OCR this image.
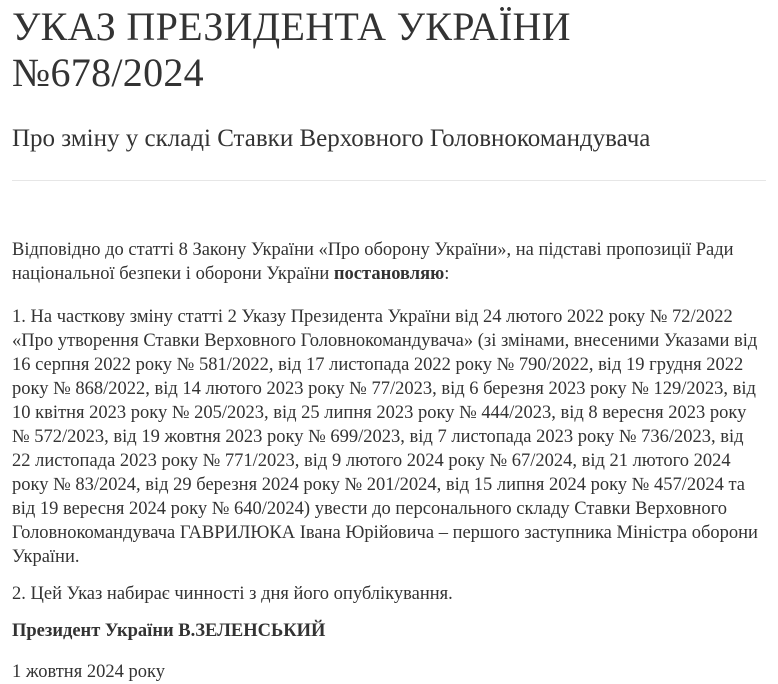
УКАЗ ПРЕЗИДЕНТА УКРАЇНИ №678/2024
Про зміну у складі Ставки Верховного Головнокомандувача

Відповідно до статті 8 Закону України «Про оборону України», на підставі пропозиції Ради національної безпеки і оборони України постановляю:

1. На часткову зміну статті 2 Указу Президента України від 24 лютого 2022 року № 72/2022 «Про утворення Ставки Верховного Головнокомандувача» (зі змінами, внесеними Указами від 16 серпня 2022 року № 581/2022, від 17 листопада 2022 року № 790/2022, від 19 грудня 2022 року № 868/2022, від 14 лютого 2023 року № 77/2023, від 6 березня 2023 року № 129/2023, від 10 квітня 2023 року № 205/2023, від 25 липня 2023 року № 444/2023, від 8 вересня 2023 року № 572/2023, від 19 жовтня 2023 року № 699/2023, від 7 листопада 2023 року № 736/2023, від 22 листопада 2023 року № 771/2023, від 9 лютого 2024 року № 67/2024, від 21 лютого 2024 року № 83/2024, від 29 березня 2024 року № 201/2024, від 15 липня 2024 року № 457/2024 та від 19 вересня 2024 року № 640/2024) увести до персонального складу Ставки Верховного Головнокомандувача ГАВРИЛЮКА Івана Юрійовича – першого заступника Міністра оборони України.

2. Цей Указ набирає чинності з дня його опублікування.

Президент України В.ЗЕЛЕНСЬКИЙ

1 жовтня 2024 року
